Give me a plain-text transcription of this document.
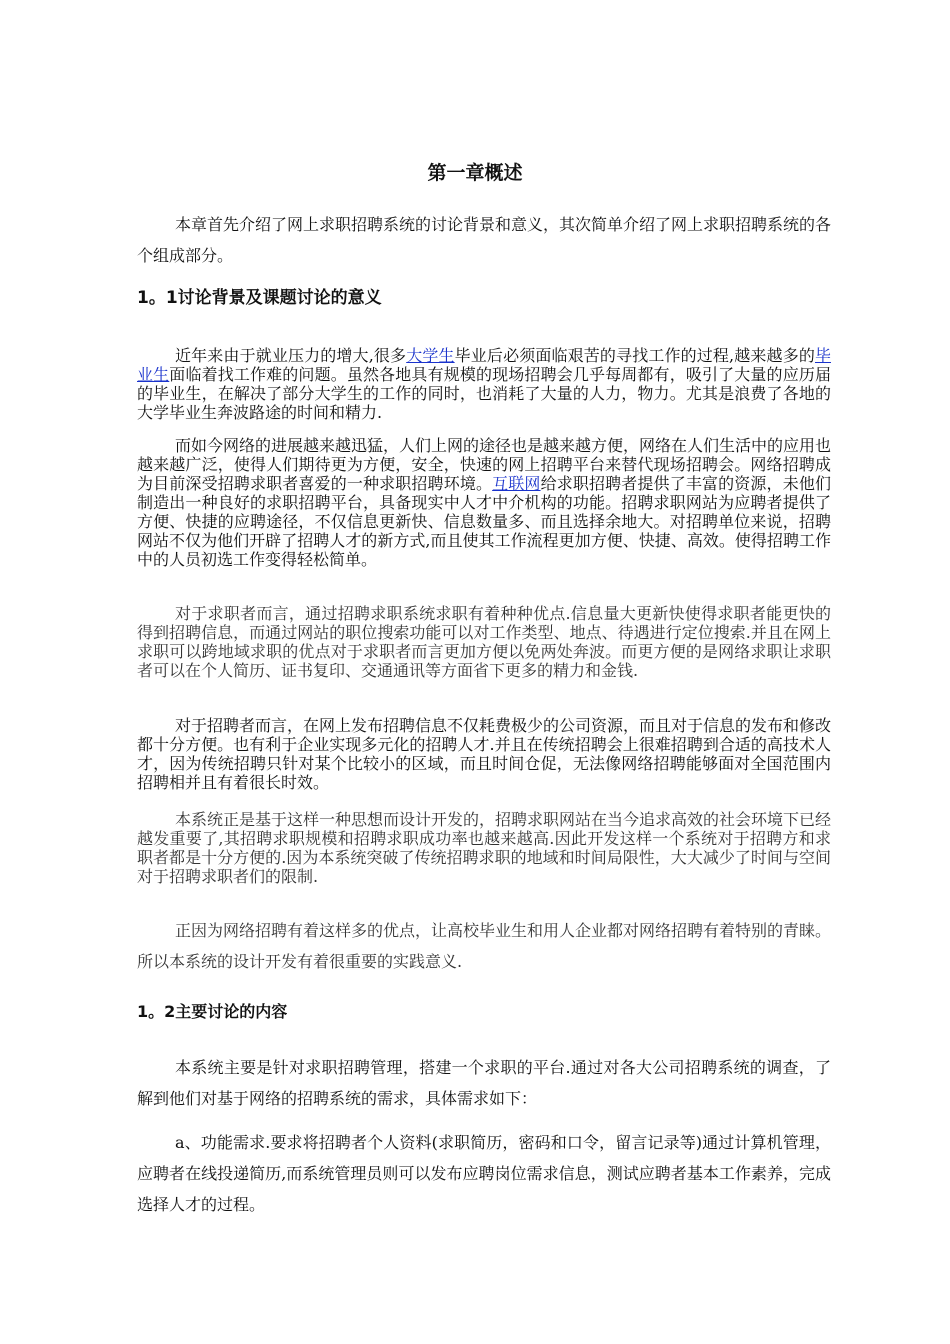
第一章概述

本章首先介绍了网上求职招聘系统的讨论背景和意义，其次简单介绍了网上求职招聘系统的各个组成部分。

1。1讨论背景及课题讨论的意义

近年来由于就业压力的增大,很多大学生毕业后必须面临艰苦的寻找工作的过程,越来越多的毕业生面临着找工作难的问题。虽然各地具有规模的现场招聘会几乎每周都有，吸引了大量的应历届的毕业生，在解决了部分大学生的工作的同时，也消耗了大量的人力，物力。尤其是浪费了各地的大学毕业生奔波路途的时间和精力.

而如今网络的进展越来越迅猛，人们上网的途径也是越来越方便，网络在人们生活中的应用也越来越广泛，使得人们期待更为方便，安全，快速的网上招聘平台来替代现场招聘会。网络招聘成为目前深受招聘求职者喜爱的一种求职招聘环境。互联网给求职招聘者提供了丰富的资源，未他们制造出一种良好的求职招聘平台，具备现实中人才中介机构的功能。招聘求职网站为应聘者提供了方便、快捷的应聘途径，不仅信息更新快、信息数量多、而且选择余地大。对招聘单位来说，招聘网站不仅为他们开辟了招聘人才的新方式,而且使其工作流程更加方便、快捷、高效。使得招聘工作中的人员初选工作变得轻松简单。

对于求职者而言，通过招聘求职系统求职有着种种优点.信息量大更新快使得求职者能更快的得到招聘信息，而通过网站的职位搜索功能可以对工作类型、地点、待遇进行定位搜索.并且在网上求职可以跨地域求职的优点对于求职者而言更加方便以免两处奔波。而更方便的是网络求职让求职者可以在个人简历、证书复印、交通通讯等方面省下更多的精力和金钱.

对于招聘者而言，在网上发布招聘信息不仅耗费极少的公司资源，而且对于信息的发布和修改都十分方便。也有利于企业实现多元化的招聘人才.并且在传统招聘会上很难招聘到合适的高技术人才，因为传统招聘只针对某个比较小的区域，而且时间仓促，无法像网络招聘能够面对全国范围内招聘相并且有着很长时效。

本系统正是基于这样一种思想而设计开发的，招聘求职网站在当今追求高效的社会环境下已经越发重要了,其招聘求职规模和招聘求职成功率也越来越高.因此开发这样一个系统对于招聘方和求职者都是十分方便的.因为本系统突破了传统招聘求职的地域和时间局限性，大大减少了时间与空间对于招聘求职者们的限制.

正因为网络招聘有着这样多的优点，让高校毕业生和用人企业都对网络招聘有着特别的青睐。所以本系统的设计开发有着很重要的实践意义.

1。2主要讨论的内容

本系统主要是针对求职招聘管理，搭建一个求职的平台.通过对各大公司招聘系统的调查，了解到他们对基于网络的招聘系统的需求，具体需求如下：

a、功能需求.要求将招聘者个人资料(求职简历，密码和口令，留言记录等)通过计算机管理，应聘者在线投递简历,而系统管理员则可以发布应聘岗位需求信息，测试应聘者基本工作素养，完成选择人才的过程。
